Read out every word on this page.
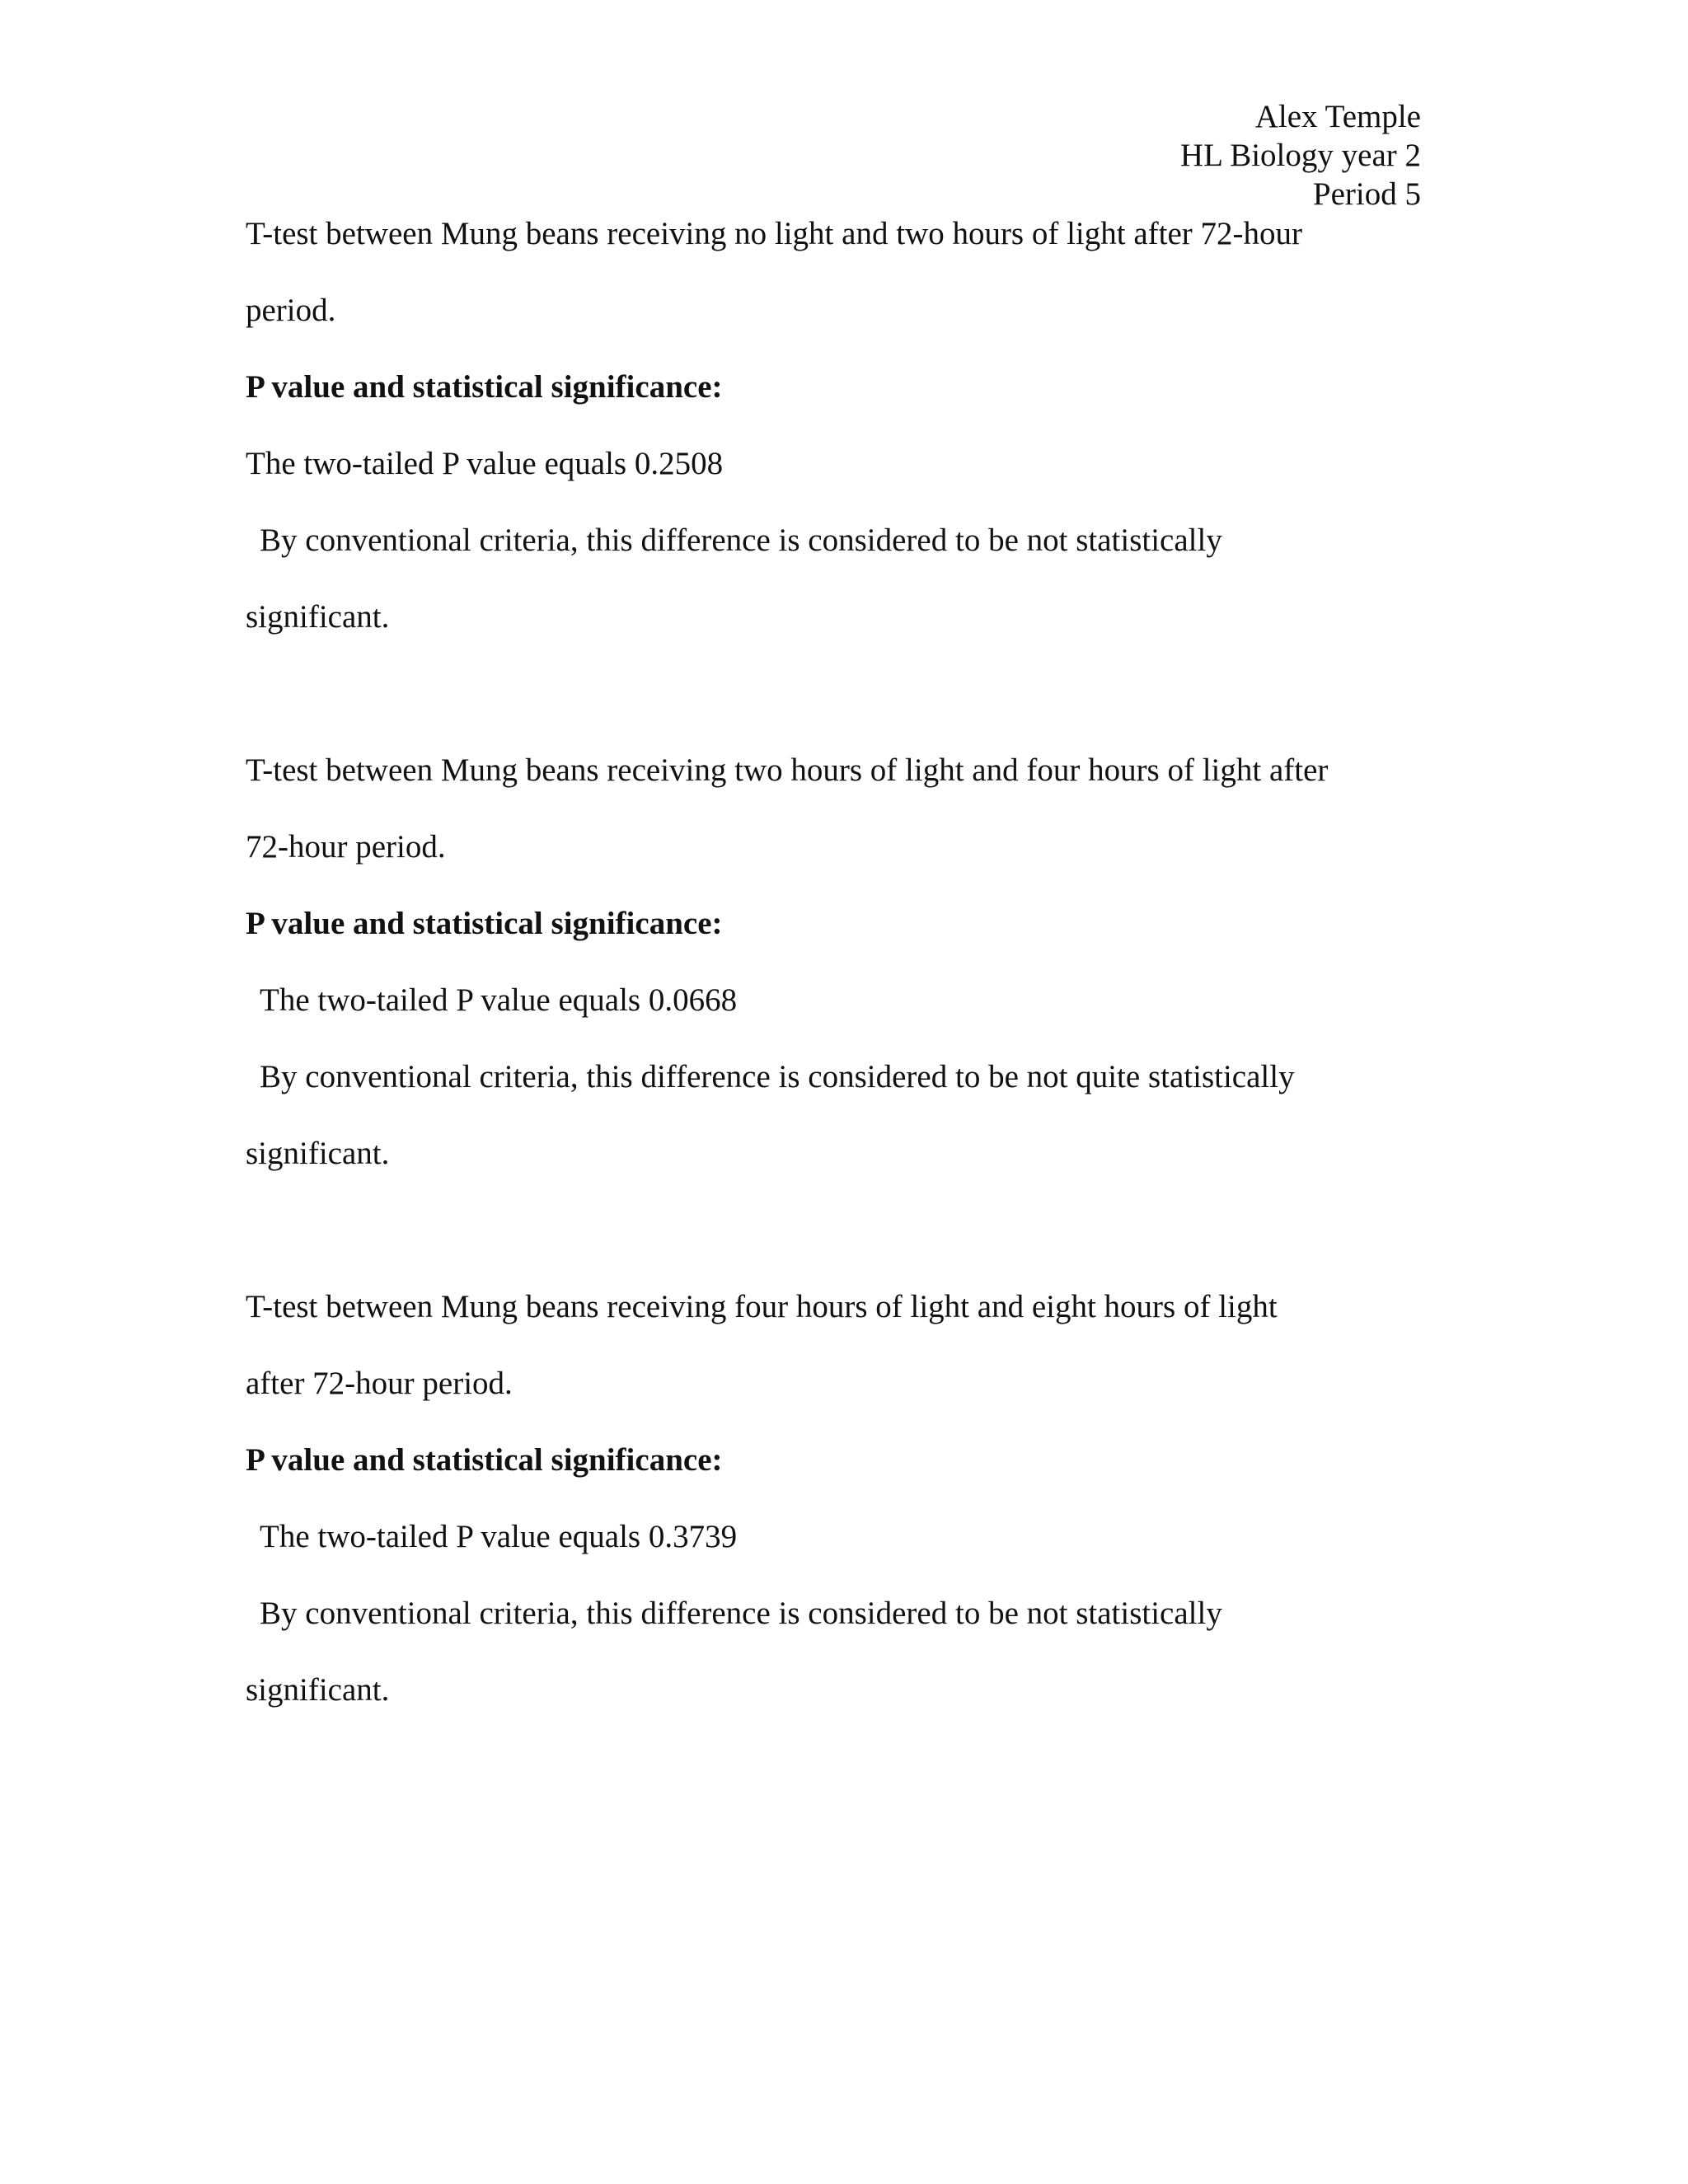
Alex Temple
HL Biology year 2
Period 5
T-test between Mung beans receiving no light and two hours of light after 72-hour
period.
P value and statistical significance:
The two-tailed P value equals 0.2508
By conventional criteria, this difference is considered to be not statistically
significant.
T-test between Mung beans receiving two hours of light and four hours of light after
72-hour period.
P value and statistical significance:
The two-tailed P value equals 0.0668
By conventional criteria, this difference is considered to be not quite statistically
significant.
T-test between Mung beans receiving four hours of light and eight hours of light
after 72-hour period.
P value and statistical significance:
The two-tailed P value equals 0.3739
By conventional criteria, this difference is considered to be not statistically
significant.
